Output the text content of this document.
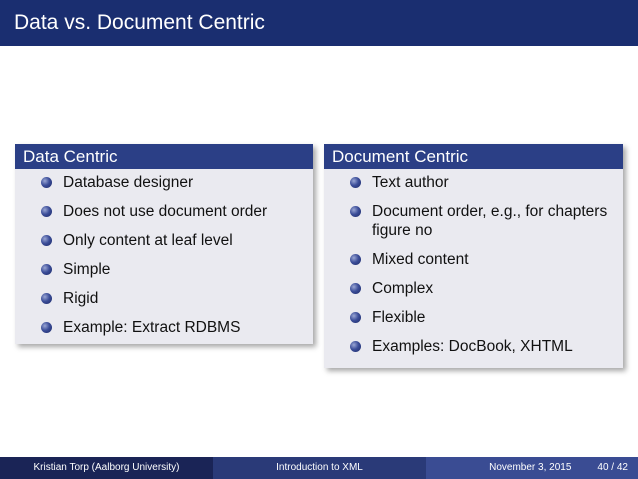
Data vs. Document Centric
Data Centric
Database designer
Does not use document order
Only content at leaf level
Simple
Rigid
Example: Extract RDBMS
Document Centric
Text author
Document order, e.g., for chapters figure no
Mixed content
Complex
Flexible
Examples: DocBook, XHTML
Kristian Torp (Aalborg University)	Introduction to XML	November 3, 2015	40 / 42
